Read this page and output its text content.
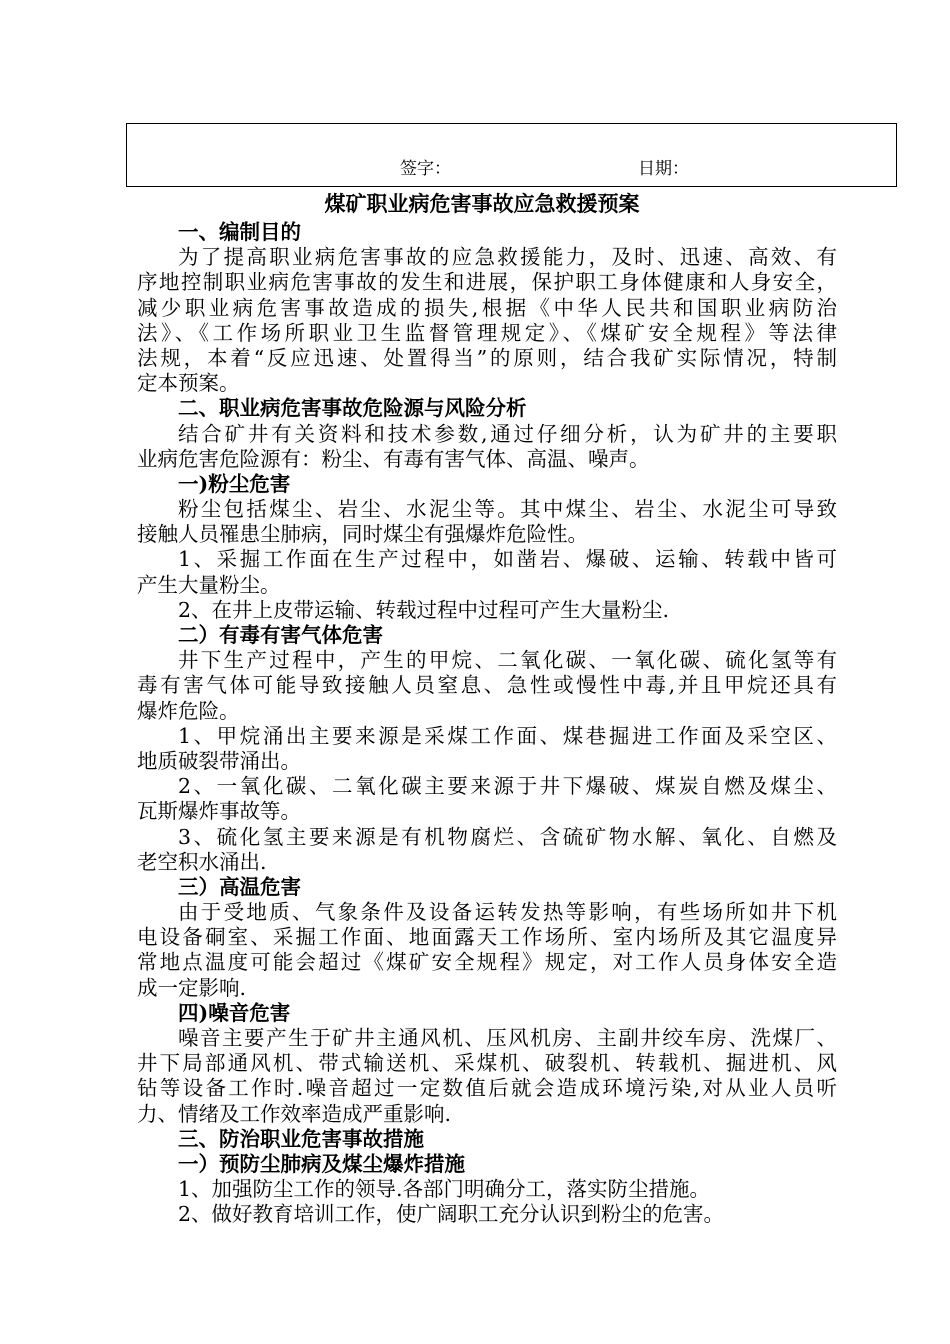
签字：	日期：
煤矿职业病危害事故应急救援预案
一、编制目的
为了提高职业病危害事故的应急救援能力，及时、迅速、高效、有
序地控制职业病危害事故的发生和进展，保护职工身体健康和人身安全，
减少职业病危害事故造成的损失,根据《中华人民共和国职业病防治
法》、《工作场所职业卫生监督管理规定》、《煤矿安全规程》等法律
法规，本着“反应迅速、处置得当”的原则，结合我矿实际情况，特制
定本预案。
二、职业病危害事故危险源与风险分析
结合矿井有关资料和技术参数,通过仔细分析，认为矿井的主要职
业病危害危险源有：粉尘、有毒有害气体、高温、噪声。
一)粉尘危害
粉尘包括煤尘、岩尘、水泥尘等。其中煤尘、岩尘、水泥尘可导致
接触人员罹患尘肺病，同时煤尘有强爆炸危险性。
1、采掘工作面在生产过程中，如凿岩、爆破、运输、转载中皆可
产生大量粉尘。
2、在井上皮带运输、转载过程中过程可产生大量粉尘.
二）有毒有害气体危害
井下生产过程中，产生的甲烷、二氧化碳、一氧化碳、硫化氢等有
毒有害气体可能导致接触人员窒息、急性或慢性中毒,并且甲烷还具有
爆炸危险。
1、甲烷涌出主要来源是采煤工作面、煤巷掘进工作面及采空区、
地质破裂带涌出。
2、一氧化碳、二氧化碳主要来源于井下爆破、煤炭自燃及煤尘、
瓦斯爆炸事故等。
3、硫化氢主要来源是有机物腐烂、含硫矿物水解、氧化、自燃及
老空积水涌出.
三）高温危害
由于受地质、气象条件及设备运转发热等影响，有些场所如井下机
电设备硐室、采掘工作面、地面露天工作场所、室内场所及其它温度异
常地点温度可能会超过《煤矿安全规程》规定，对工作人员身体安全造
成一定影响.
四)噪音危害
噪音主要产生于矿井主通风机、压风机房、主副井绞车房、洗煤厂、
井下局部通风机、带式输送机、采煤机、破裂机、转载机、掘进机、风
钻等设备工作时.噪音超过一定数值后就会造成环境污染,对从业人员听
力、情绪及工作效率造成严重影响.
三、防治职业危害事故措施
一）预防尘肺病及煤尘爆炸措施
1、加强防尘工作的领导.各部门明确分工，落实防尘措施。
2、做好教育培训工作，使广阔职工充分认识到粉尘的危害。
